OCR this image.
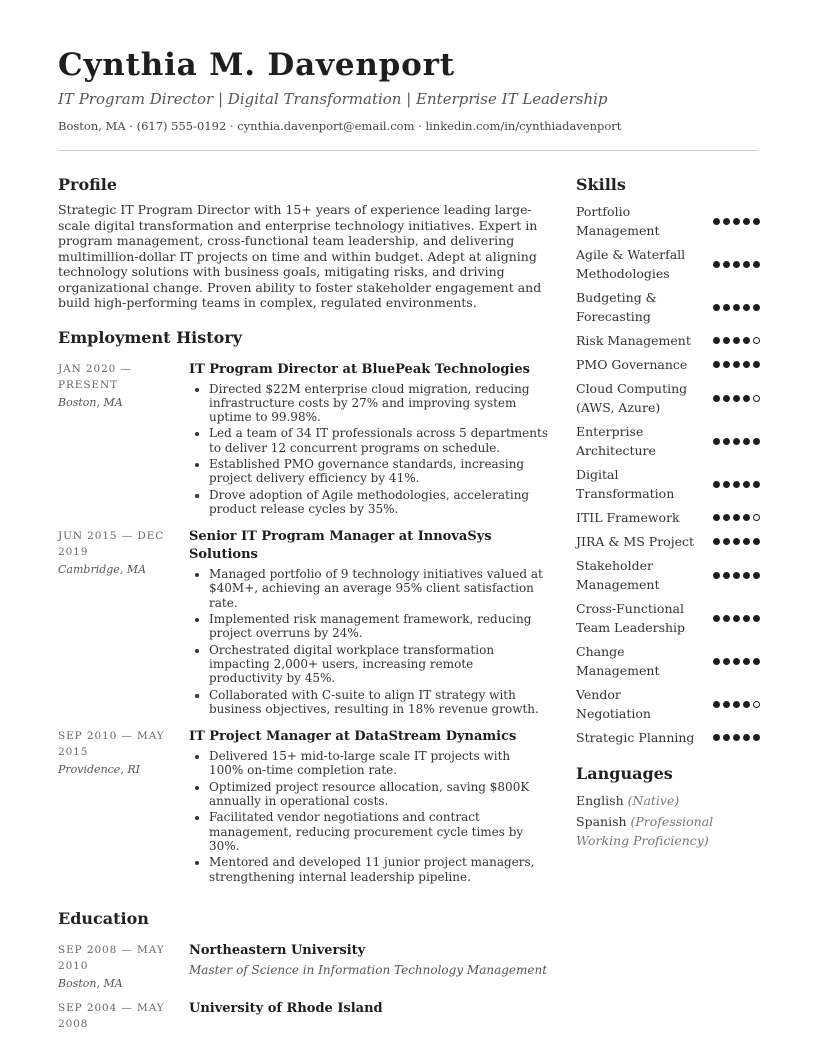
Cynthia M. Davenport
IT Program Director | Digital Transformation | Enterprise IT Leadership
Boston, MA · (617) 555-0192 · cynthia.davenport@email.com · linkedin.com/in/cynthiadavenport
Profile

Strategic IT Program Director with 15+ years of experience leading large-scale digital transformation and enterprise technology initiatives. Expert in program management, cross-functional team leadership, and delivering multimillion-dollar IT projects on time and within budget. Adept at aligning technology solutions with business goals, mitigating risks, and driving organizational change. Proven ability to foster stakeholder engagement and build high-performing teams in complex, regulated environments.

Employment History
JAN 2020 — PRESENT
Boston, MA
IT Program Director at BluePeak Technologies
• Directed $22M enterprise cloud migration, reducing infrastructure costs by 27% and improving system uptime to 99.98%.
• Led a team of 34 IT professionals across 5 departments to deliver 12 concurrent programs on schedule.
• Established PMO governance standards, increasing project delivery efficiency by 41%.
• Drove adoption of Agile methodologies, accelerating product release cycles by 35%.
JUN 2015 — DEC 2019
Cambridge, MA
Senior IT Program Manager at InnovaSys Solutions
• Managed portfolio of 9 technology initiatives valued at $40M+, achieving an average 95% client satisfaction rate.
• Implemented risk management framework, reducing project overruns by 24%.
• Orchestrated digital workplace transformation impacting 2,000+ users, increasing remote productivity by 45%.
• Collaborated with C-suite to align IT strategy with business objectives, resulting in 18% revenue growth.
SEP 2010 — MAY 2015
Providence, RI
IT Project Manager at DataStream Dynamics
• Delivered 15+ mid-to-large scale IT projects with 100% on-time completion rate.
• Optimized project resource allocation, saving $800K annually in operational costs.
• Facilitated vendor negotiations and contract management, reducing procurement cycle times by 30%.
• Mentored and developed 11 junior project managers, strengthening internal leadership pipeline.
Education
SEP 2008 — MAY 2010
Boston, MA
Northeastern University
Master of Science in Information Technology Management
SEP 2004 — MAY 2008
University of Rhode Island
Skills
Portfolio Management
Agile & Waterfall Methodologies
Budgeting & Forecasting
Risk Management
PMO Governance
Cloud Computing (AWS, Azure)
Enterprise Architecture
Digital Transformation
ITIL Framework
JIRA & MS Project
Stakeholder Management
Cross-Functional Team Leadership
Change Management
Vendor Negotiation
Strategic Planning
Languages
English (Native)
Spanish (Professional Working Proficiency)
